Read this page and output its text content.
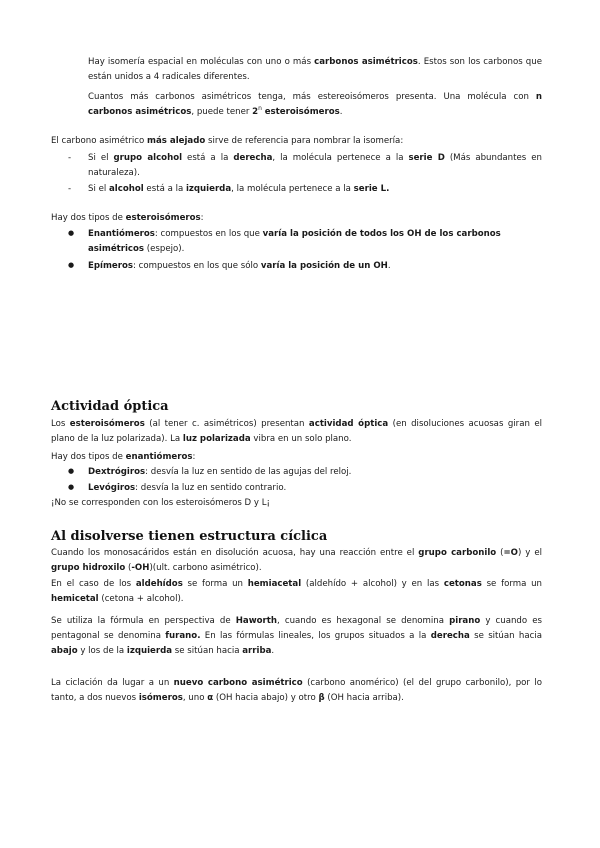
Hay isomería espacial en moléculas con uno o más carbonos asimétricos. Estos son los carbonos que están unidos a 4 radicales diferentes.

Cuantos más carbonos asimétricos tenga, más estereoisómeros presenta. Una molécula con n carbonos asimétricos, puede tener 2$^n$ esteroisómeros.

El carbono asimétrico más alejado sirve de referencia para nombrar la isomería:

- Si el grupo alcohol está a la derecha, la molécula pertenece a la serie D (Más abundantes en naturaleza).

- Si el alcohol está a la izquierda, la molécula pertenece a la serie L.

Hay dos tipos de esteroisómeros:

● Enantiómeros: compuestos en los que varía la posición de todos los OH de los carbonos asimétricos (espejo).

● Epímeros: compuestos en los que sólo varía la posición de un OH.

Actividad óptica

Los esteroisómeros (al tener c. asimétricos) presentan actividad óptica (en disoluciones acuosas giran el plano de la luz polarizada). La luz polarizada vibra en un solo plano.

Hay dos tipos de enantiómeros:

● Dextrógiros: desvía la luz en sentido de las agujas del reloj.

● Levógiros: desvía la luz en sentido contrario.

¡No se corresponden con los esteroisómeros D y L¡

Al disolverse tienen estructura cíclica

Cuando los monosacáridos están en disolución acuosa, hay una reacción entre el grupo carbonilo (=O) y el grupo hidroxilo (-OH)(ult. carbono asimétrico).

En el caso de los aldehídos se forma un hemiacetal (aldehído + alcohol) y en las cetonas se forma un hemicetal (cetona + alcohol).

Se utiliza la fórmula en perspectiva de Haworth, cuando es hexagonal se denomina pirano y cuando es pentagonal se denomina furano. En las fórmulas lineales, los grupos situados a la derecha se sitúan hacia abajo y los de la izquierda se sitúan hacia arriba.

La ciclación da lugar a un nuevo carbono asimétrico (carbono anomérico) (el del grupo carbonilo), por lo tanto, a dos nuevos isómeros, uno α (OH hacia abajo) y otro β (OH hacia arriba).
